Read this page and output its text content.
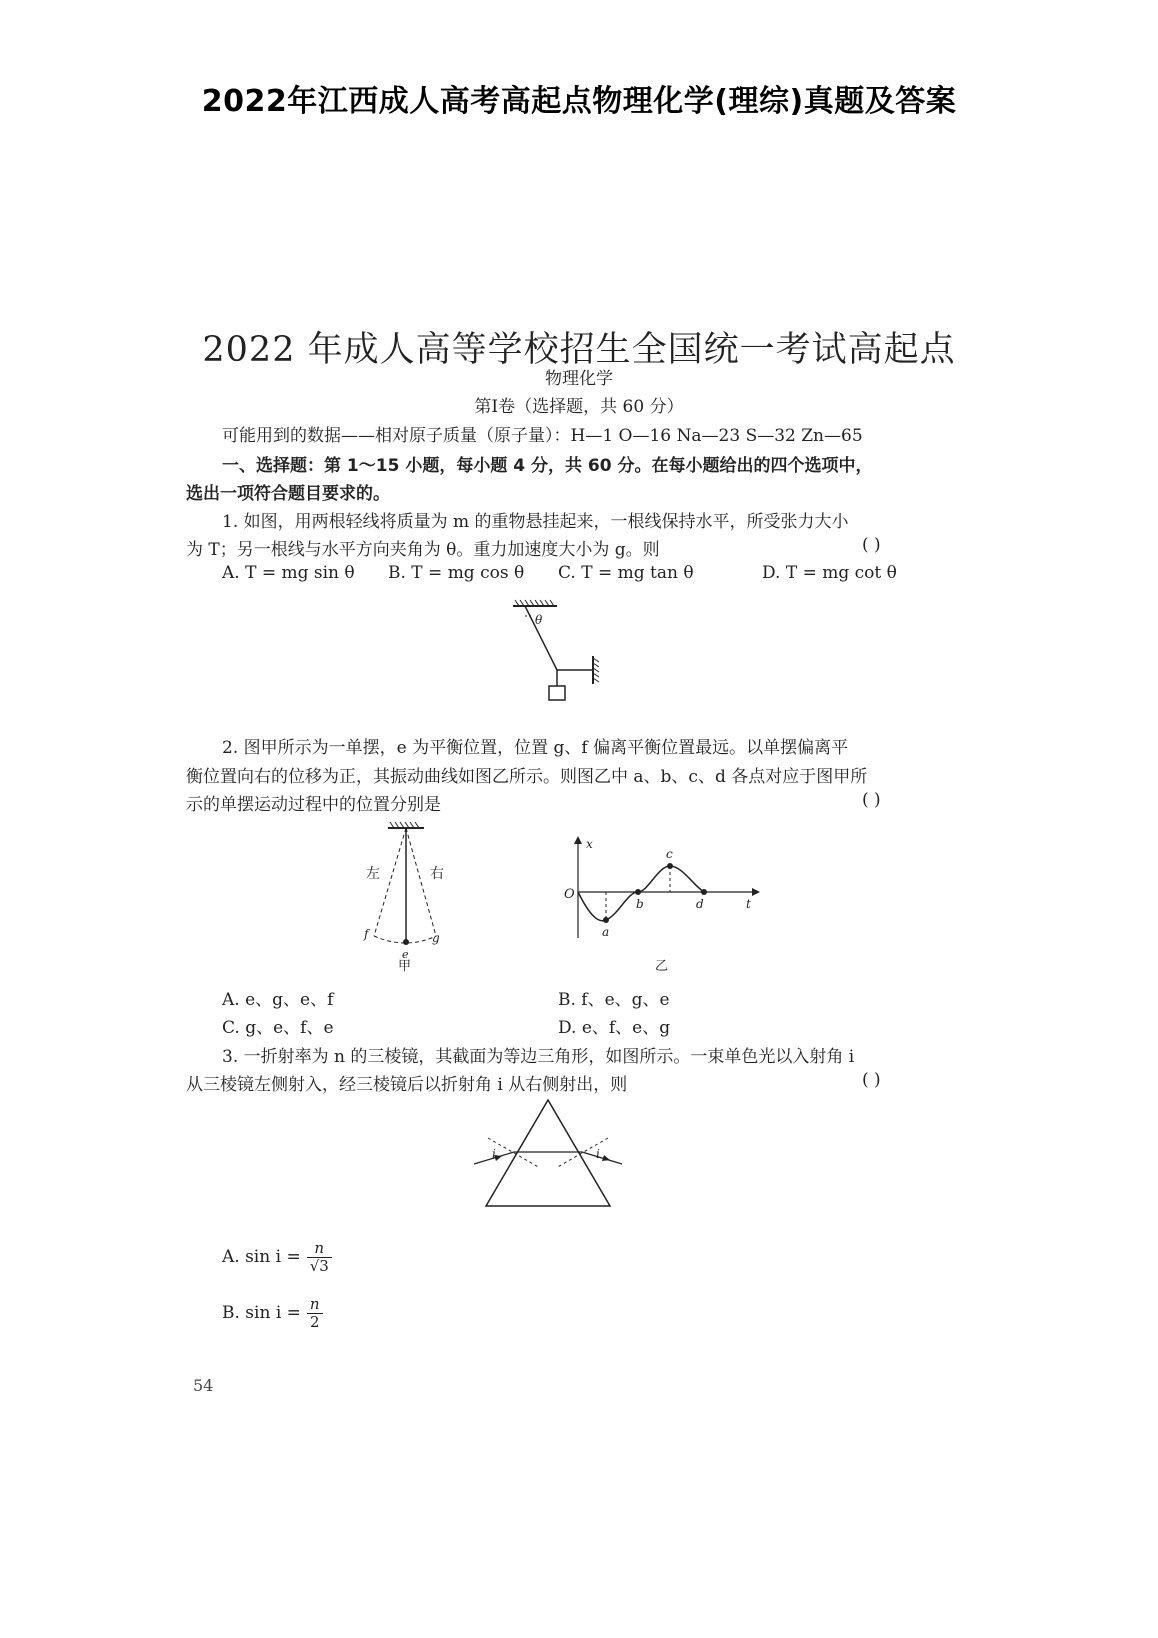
2022年江西成人高考高起点物理化学(理综)真题及答案
2022 年成人高等学校招生全国统一考试高起点
物理化学
第Ⅰ卷（选择题，共 60 分）
可能用到的数据——相对原子质量（原子量）：H—1 O—16 Na—23 S—32 Zn—65
一、选择题：第 1～15 小题，每小题 4 分，共 60 分。在每小题给出的四个选项中，
选出一项符合题目要求的。
1. 如图，用两根轻线将质量为 m 的重物悬挂起来，一根线保持水平，所受张力大小
为 T；另一根线与水平方向夹角为 θ。重力加速度大小为 g。则	( )
A. T = mg sin θ B. T = mg cos θ C. T = mg tan θ	D. T = mg cot θ
θ
2. 图甲所示为一单摆，e 为平衡位置，位置 g、f 偏离平衡位置最远。以单摆偏离平
衡位置向右的位移为正，其振动曲线如图乙所示。则图乙中 a、b、c、d 各点对应于图甲所
示的单摆运动过程中的位置分别是	( )
左	右
f
e
g
甲
x
O
t
a
b
c
d
乙
A. e、g、e、f	B. f、e、g、e
C. g、e、f、e	D. e、f、e、g
3. 一折射率为 n 的三棱镜，其截面为等边三角形，如图所示。一束单色光以入射角 i
从三棱镜左侧射入，经三棱镜后以折射角 i 从右侧射出，则	( )
i	i
A. $\sin i = \frac{n}{√3}$
B. $\sin i = \frac{n}{2}$
54
